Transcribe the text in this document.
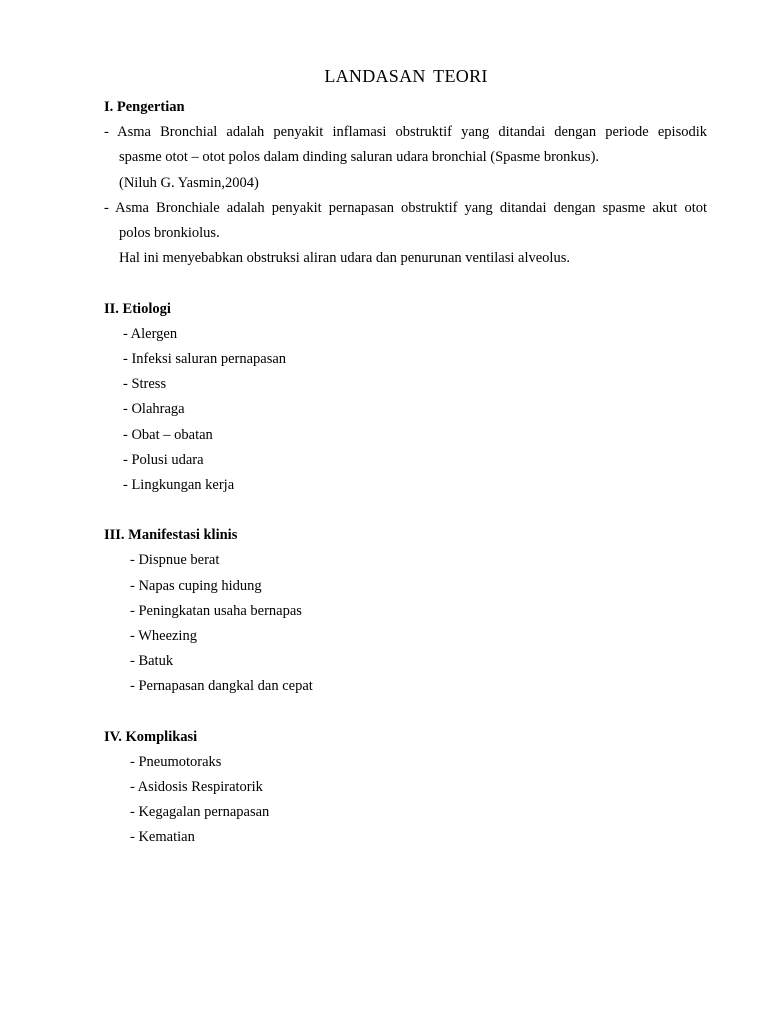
LANDASAN TEORI
I. Pengertian
- Asma Bronchial adalah penyakit inflamasi obstruktif yang ditandai dengan periode episodik
spasme otot – otot polos dalam dinding saluran udara bronchial (Spasme bronkus).
(Niluh G. Yasmin,2004)
- Asma Bronchiale adalah penyakit pernapasan obstruktif yang ditandai dengan spasme akut otot
polos bronkiolus.
Hal ini menyebabkan obstruksi aliran udara dan penurunan ventilasi alveolus.
II. Etiologi
- Alergen
- Infeksi saluran pernapasan
- Stress
- Olahraga
- Obat – obatan
- Polusi udara
- Lingkungan kerja
III. Manifestasi klinis
- Dispnue berat
- Napas cuping hidung
- Peningkatan usaha bernapas
- Wheezing
- Batuk
- Pernapasan dangkal dan cepat
IV. Komplikasi
- Pneumotoraks
- Asidosis Respiratorik
- Kegagalan pernapasan
- Kematian
